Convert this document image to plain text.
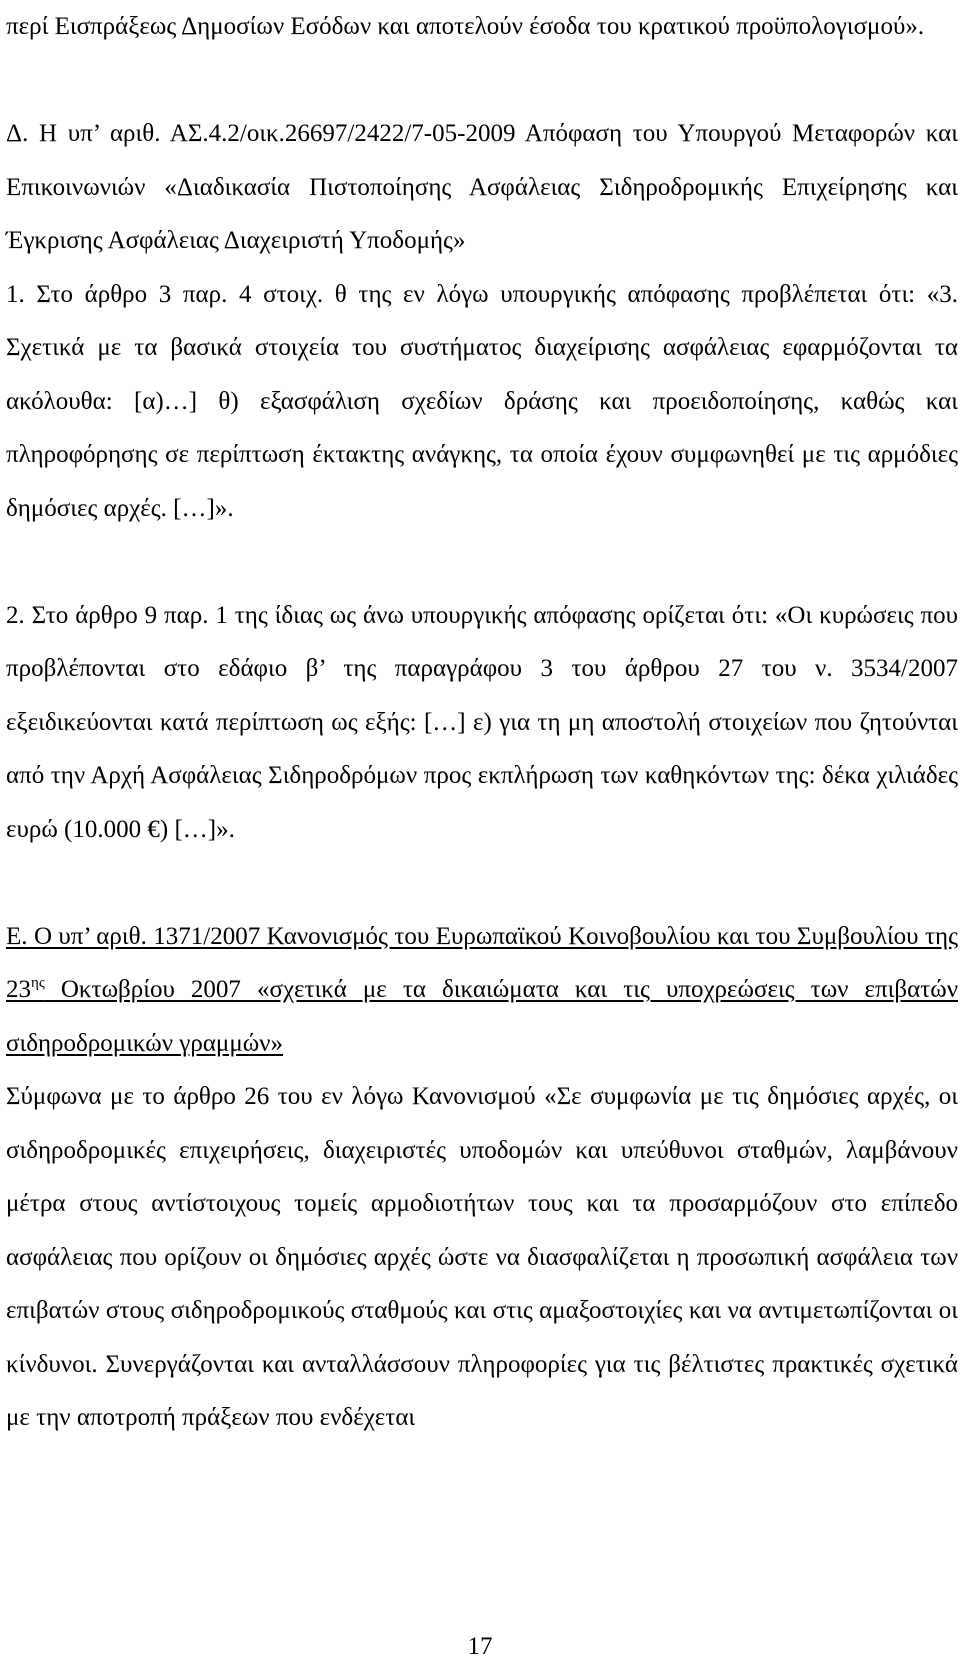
περί Εισπράξεως Δημοσίων Εσόδων και αποτελούν έσοδα του κρατικού προϋπολογισμού».

Δ. Η υπ’ αριθ. ΑΣ.4.2/οικ.26697/2422/7-05-2009 Απόφαση του Υπουργού Μεταφορών και Επικοινωνιών «Διαδικασία Πιστοποίησης Ασφάλειας Σιδηροδρομικής Επιχείρησης και Έγκρισης Ασφάλειας Διαχειριστή Υποδομής»

1. Στο άρθρο 3 παρ. 4 στοιχ. θ της εν λόγω υπουργικής απόφασης προβλέπεται ότι: «3. Σχετικά με τα βασικά στοιχεία του συστήματος διαχείρισης ασφάλειας εφαρμόζονται τα ακόλουθα: [α)…] θ) εξασφάλιση σχεδίων δράσης και προειδοποίησης, καθώς και πληροφόρησης σε περίπτωση έκτακτης ανάγκης, τα οποία έχουν συμφωνηθεί με τις αρμόδιες δημόσιες αρχές. […]».

2. Στο άρθρο 9 παρ. 1 της ίδιας ως άνω υπουργικής απόφασης ορίζεται ότι: «Οι κυρώσεις που προβλέπονται στο εδάφιο β’ της παραγράφου 3 του άρθρου 27 του ν. 3534/2007 εξειδικεύονται κατά περίπτωση ως εξής: […] ε) για τη μη αποστολή στοιχείων που ζητούνται από την Αρχή Ασφάλειας Σιδηροδρόμων προς εκπλήρωση των καθηκόντων της: δέκα χιλιάδες ευρώ (10.000 €) […]».

Ε. Ο υπ’ αριθ. 1371/2007 Κανονισμός του Ευρωπαϊκού Κοινοβουλίου και του Συμβουλίου της $23^{\eta\varsigma}$ Οκτωβρίου 2007 «σχετικά με τα δικαιώματα και τις υποχρεώσεις των επιβατών σιδηροδρομικών γραμμών»

Σύμφωνα με το άρθρο 26 του εν λόγω Κανονισμού «Σε συμφωνία με τις δημόσιες αρχές, οι σιδηροδρομικές επιχειρήσεις, διαχειριστές υποδομών και υπεύθυνοι σταθμών, λαμβάνουν μέτρα στους αντίστοιχους τομείς αρμοδιοτήτων τους και τα προσαρμόζουν στο επίπεδο ασφάλειας που ορίζουν οι δημόσιες αρχές ώστε να διασφαλίζεται η προσωπική ασφάλεια των επιβατών στους σιδηροδρομικούς σταθμούς και στις αμαξοστοιχίες και να αντιμετωπίζονται οι κίνδυνοι. Συνεργάζονται και ανταλλάσσουν πληροφορίες για τις βέλτιστες πρακτικές σχετικά με την αποτροπή πράξεων που ενδέχεται

17
